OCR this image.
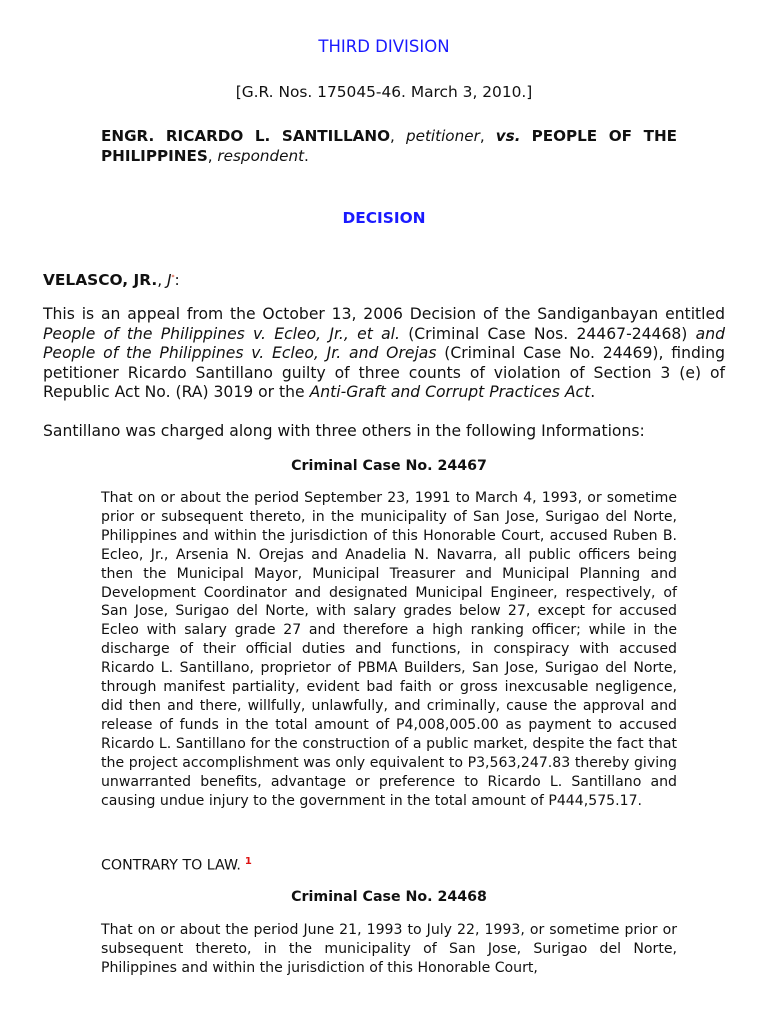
THIRD DIVISION
[G.R. Nos. 175045-46. March 3, 2010.]
ENGR. RICARDO L. SANTILLANO, petitioner, vs. PEOPLE OF THE PHILIPPINES, respondent.
DECISION
VELASCO, JR., J*:
This is an appeal from the October 13, 2006 Decision of the Sandiganbayan entitled People of the Philippines v. Ecleo, Jr., et al. (Criminal Case Nos. 24467-24468) and People of the Philippines v. Ecleo, Jr. and Orejas (Criminal Case No. 24469), finding petitioner Ricardo Santillano guilty of three counts of violation of Section 3 (e) of Republic Act No. (RA) 3019 or the Anti-Graft and Corrupt Practices Act.
Santillano was charged along with three others in the following Informations:
Criminal Case No. 24467
That on or about the period September 23, 1991 to March 4, 1993, or sometime prior or subsequent thereto, in the municipality of San Jose, Surigao del Norte, Philippines and within the jurisdiction of this Honorable Court, accused Ruben B. Ecleo, Jr., Arsenia N. Orejas and Anadelia N. Navarra, all public officers being then the Municipal Mayor, Municipal Treasurer and Municipal Planning and Development Coordinator and designated Municipal Engineer, respectively, of San Jose, Surigao del Norte, with salary grades below 27, except for accused Ecleo with salary grade 27 and therefore a high ranking officer; while in the discharge of their official duties and functions, in conspiracy with accused Ricardo L. Santillano, proprietor of PBMA Builders, San Jose, Surigao del Norte, through manifest partiality, evident bad faith or gross inexcusable negligence, did then and there, willfully, unlawfully, and criminally, cause the approval and release of funds in the total amount of P4,008,005.00 as payment to accused Ricardo L. Santillano for the construction of a public market, despite the fact that the project accomplishment was only equivalent to P3,563,247.83 thereby giving unwarranted benefits, advantage or preference to Ricardo L. Santillano and causing undue injury to the government in the total amount of P444,575.17.
CONTRARY TO LAW. $^1$
Criminal Case No. 24468
That on or about the period June 21, 1993 to July 22, 1993, or sometime prior or subsequent thereto, in the municipality of San Jose, Surigao del Norte, Philippines and within the jurisdiction of this Honorable Court,
